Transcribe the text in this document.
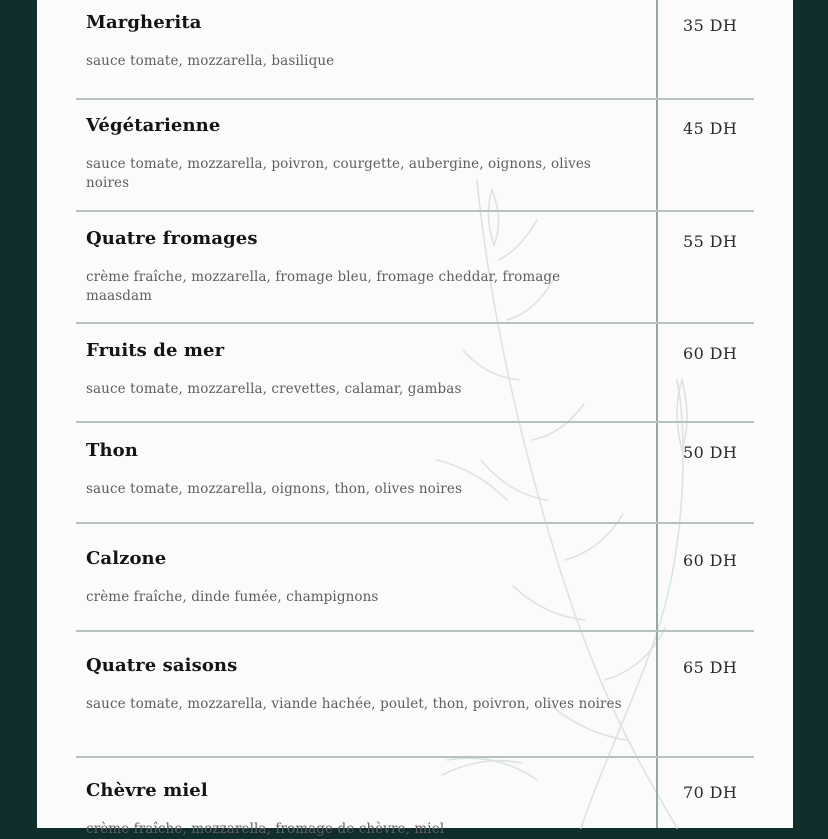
Margherita
sauce tomate, mozzarella, basilique
35 DH
Végétarienne
sauce tomate, mozzarella, poivron, courgette, aubergine, oignons, olives noires
45 DH
Quatre fromages
crème fraîche, mozzarella, fromage bleu, fromage cheddar, fromage maasdam
55 DH
Fruits de mer
sauce tomate, mozzarella, crevettes, calamar, gambas
60 DH
Thon
sauce tomate, mozzarella, oignons, thon, olives noires
50 DH
Calzone
crème fraîche, dinde fumée, champignons
60 DH
Quatre saisons
sauce tomate, mozzarella, viande hachée, poulet, thon, poivron, olives noires
65 DH
Chèvre miel
crème fraîche, mozzarella, fromage de chèvre, miel
70 DH
